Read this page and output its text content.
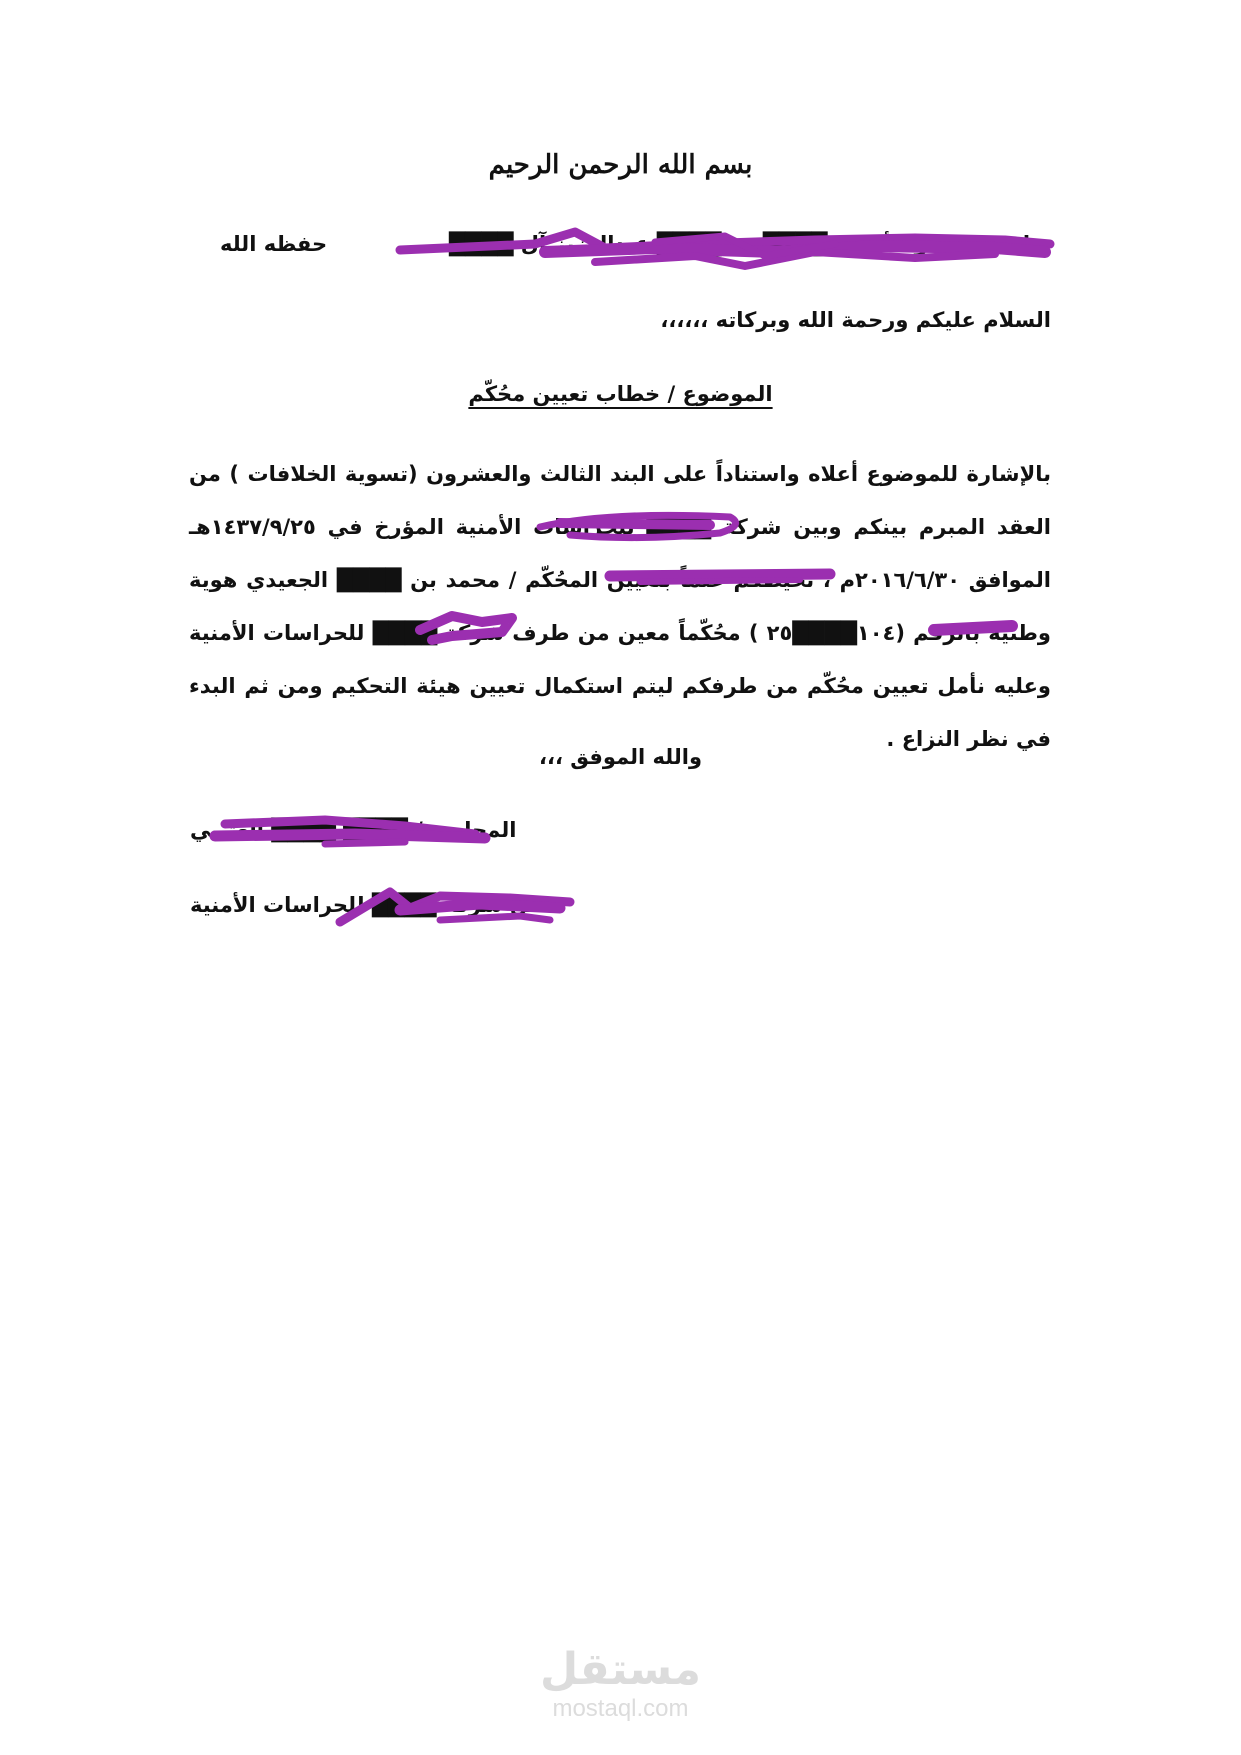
بسم الله الرحمن الرحيم
صاحب السمو الأمير / ████ بن ████ عبدالعزيز آل ████
حفظه الله
السلام عليكم ورحمة الله وبركاته ،،،،،،
الموضوع / خطاب تعيين محُكّم
بالإشارة للموضوع أعلاه واستناداً على البند الثالث والعشرون (تسوية الخلافات ) من العقد المبرم بينكم وبين شركة ████ للحراسات الأمنية المؤرخ في ١٤٣٧/٩/٢٥هـ الموافق ٢٠١٦/٦/٣٠م ، نحيطكم علماً بتعيين المحُكّم / محمد بن ████ الجعيدي هوية وطنية بالرقم (١٠٤████٢٥ ) محُكّماً معين من طرف شركة ████ للحراسات الأمنية وعليه نأمل تعيين محُكّم من طرفكم ليتم استكمال تعيين هيئة التحكيم ومن ثم البدء في نظر النزاع .
والله الموفق ،،،
المحامي / ████ ████ العتيبي
ممثل شركة ████ للحراسات الأمنية
مستقل
mostaql.com
